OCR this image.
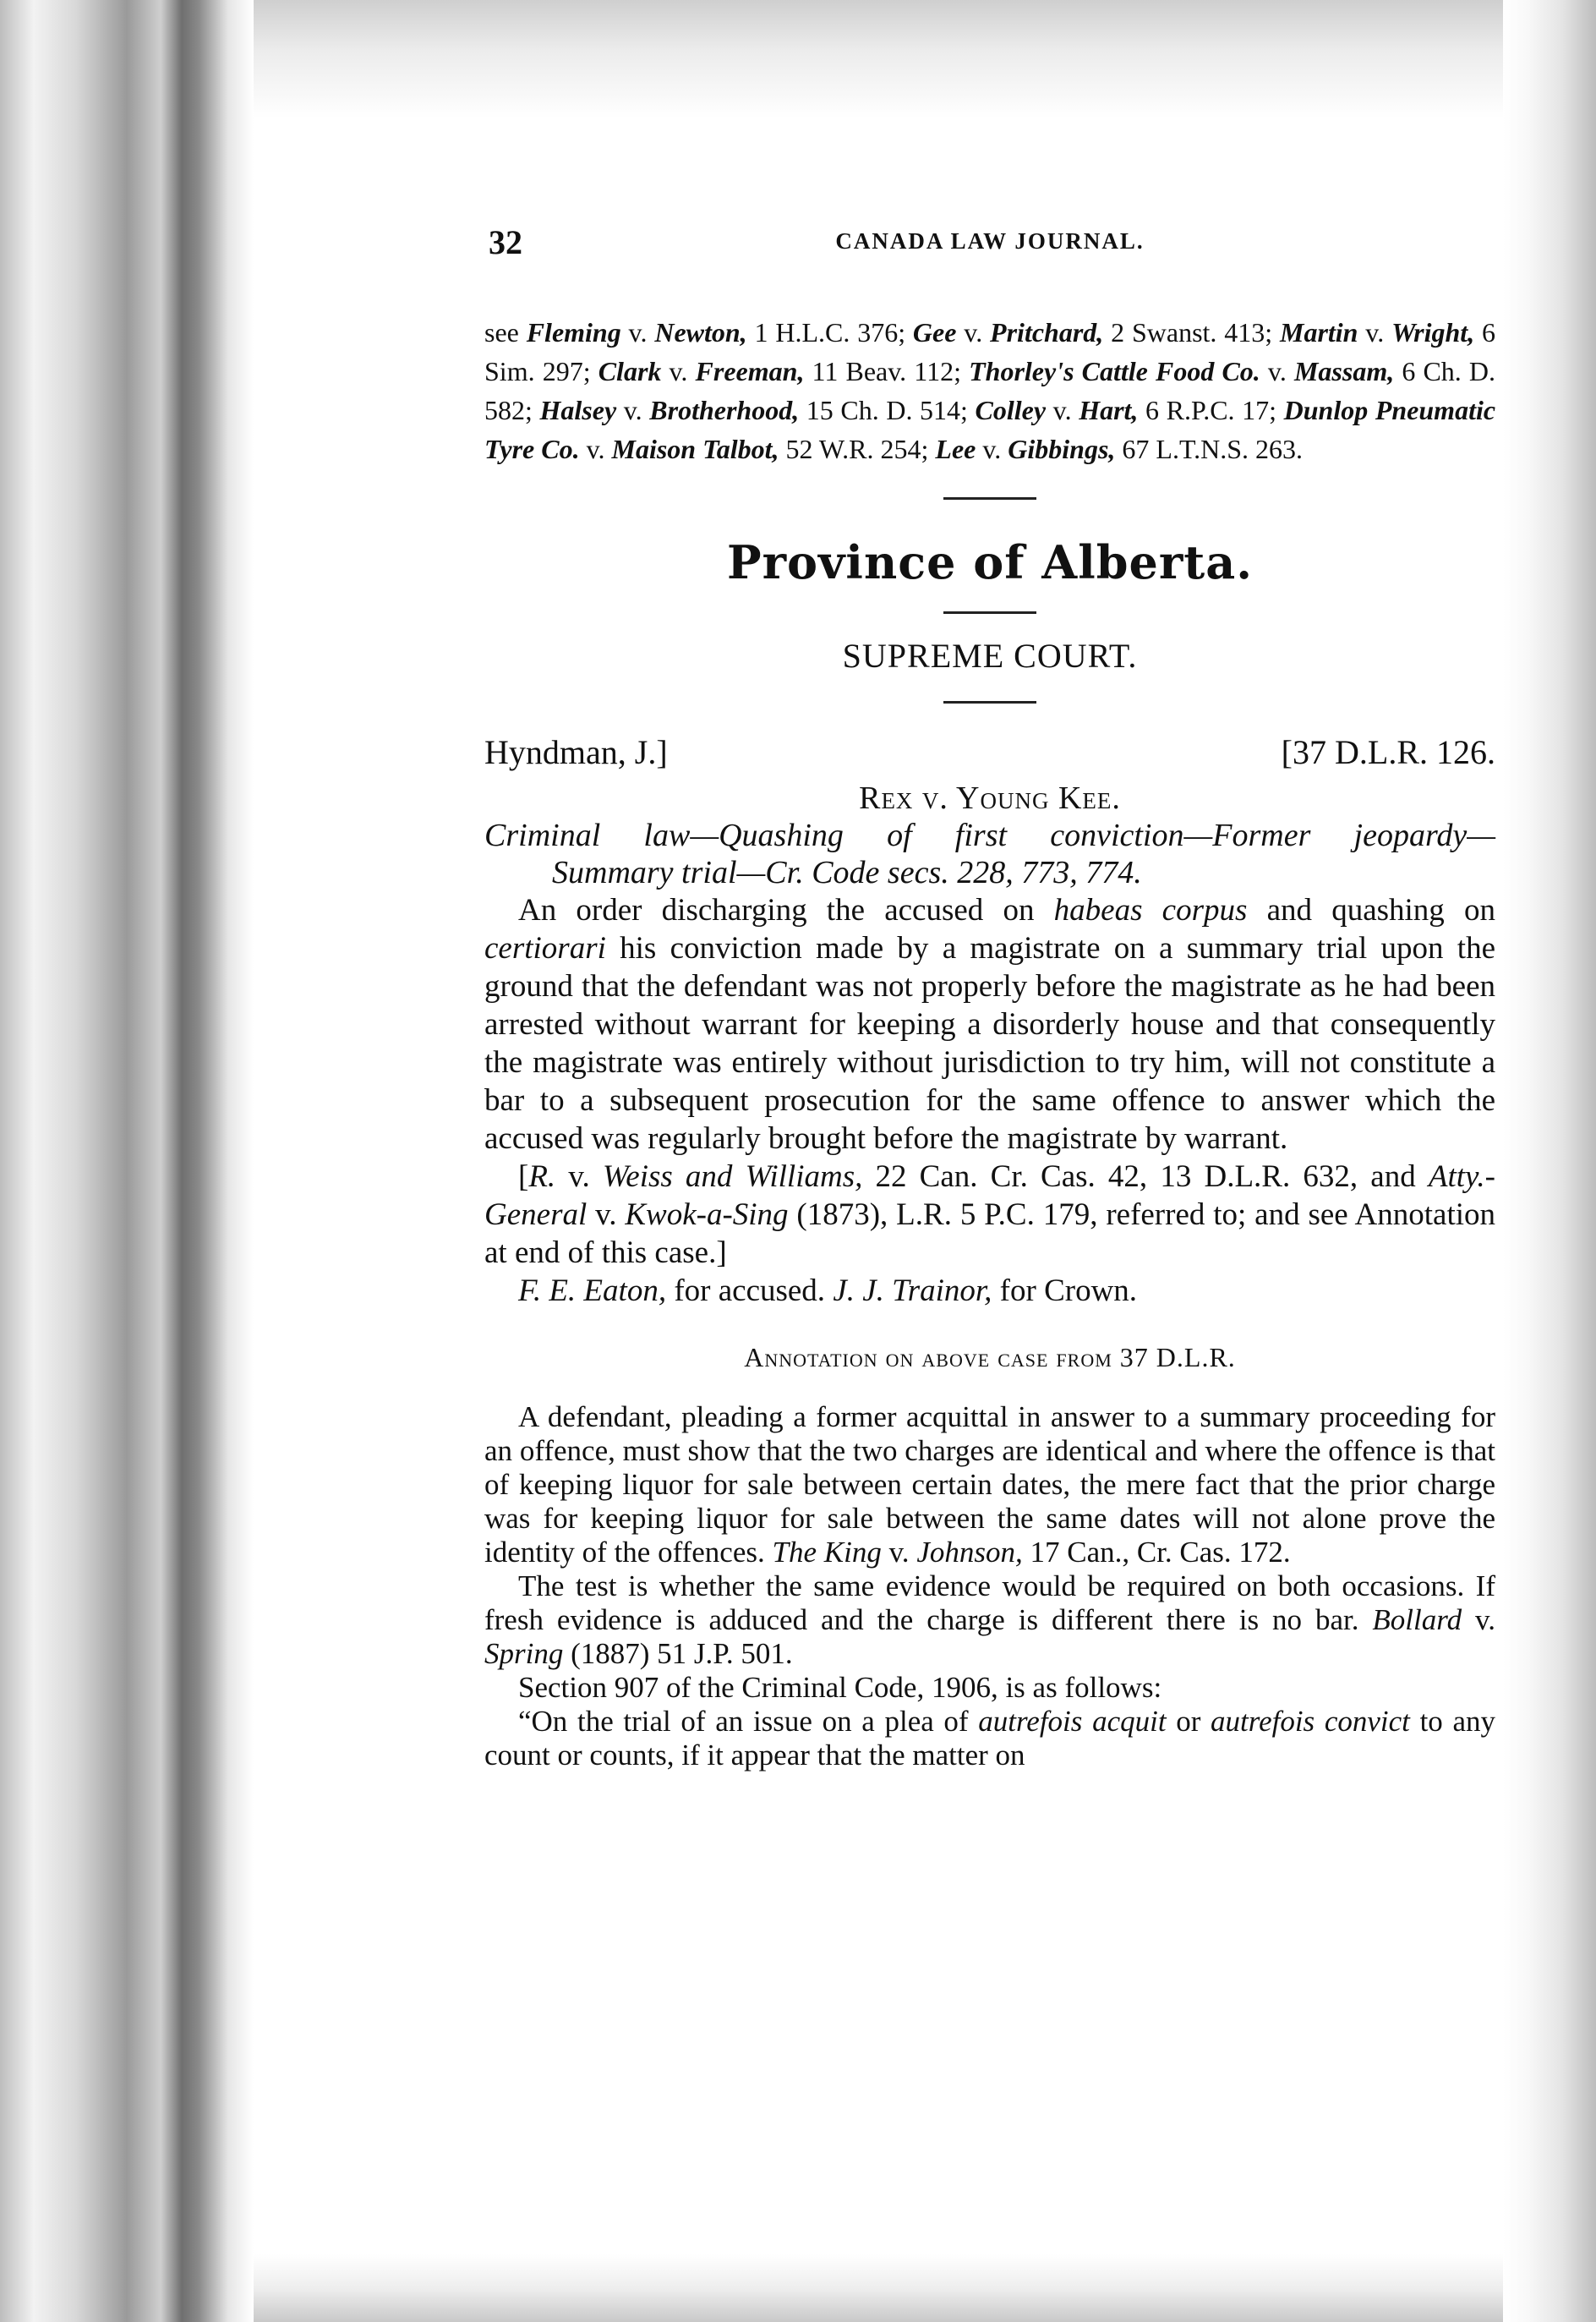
32	CANADA LAW JOURNAL.

see Fleming v. Newton, 1 H.L.C. 376; Gee v. Pritchard, 2 Swanst. 413; Martin v. Wright, 6 Sim. 297; Clark v. Freeman, 11 Beav. 112; Thorley's Cattle Food Co. v. Massam, 6 Ch. D. 582; Halsey v. Brotherhood, 15 Ch. D. 514; Colley v. Hart, 6 R.P.C. 17; Dunlop Pneumatic Tyre Co. v. Maison Talbot, 52 W.R. 254; Lee v. Gibbings, 67 L.T.N.S. 263.

Province of Alberta.
SUPREME COURT.
Hyndman, J.]	[37 D.L.R. 126.
Rex v. Young Kee.
Criminal law—Quashing of first conviction—Former jeopardy—
Summary trial—Cr. Code secs. 228, 773, 774.

An order discharging the accused on habeas corpus and quashing on certiorari his conviction made by a magistrate on a summary trial upon the ground that the defendant was not properly before the magistrate as he had been arrested without warrant for keeping a disorderly house and that consequently the magistrate was entirely without jurisdiction to try him, will not constitute a bar to a subsequent prosecution for the same offence to answer which the accused was regularly brought before the magistrate by warrant.

[R. v. Weiss and Williams, 22 Can. Cr. Cas. 42, 13 D.L.R. 632, and Atty.-General v. Kwok-a-Sing (1873), L.R. 5 P.C. 179, referred to; and see Annotation at end of this case.]

F. E. Eaton, for accused. J. J. Trainor, for Crown.

Annotation on above case from 37 D.L.R.

A defendant, pleading a former acquittal in answer to a summary proceeding for an offence, must show that the two charges are identical and where the offence is that of keeping liquor for sale between certain dates, the mere fact that the prior charge was for keeping liquor for sale between the same dates will not alone prove the identity of the offences. The King v. Johnson, 17 Can., Cr. Cas. 172.

The test is whether the same evidence would be required on both occasions. If fresh evidence is adduced and the charge is different there is no bar. Bollard v. Spring (1887) 51 J.P. 501.

Section 907 of the Criminal Code, 1906, is as follows:

“On the trial of an issue on a plea of autrefois acquit or autrefois convict to any count or counts, if it appear that the matter on
